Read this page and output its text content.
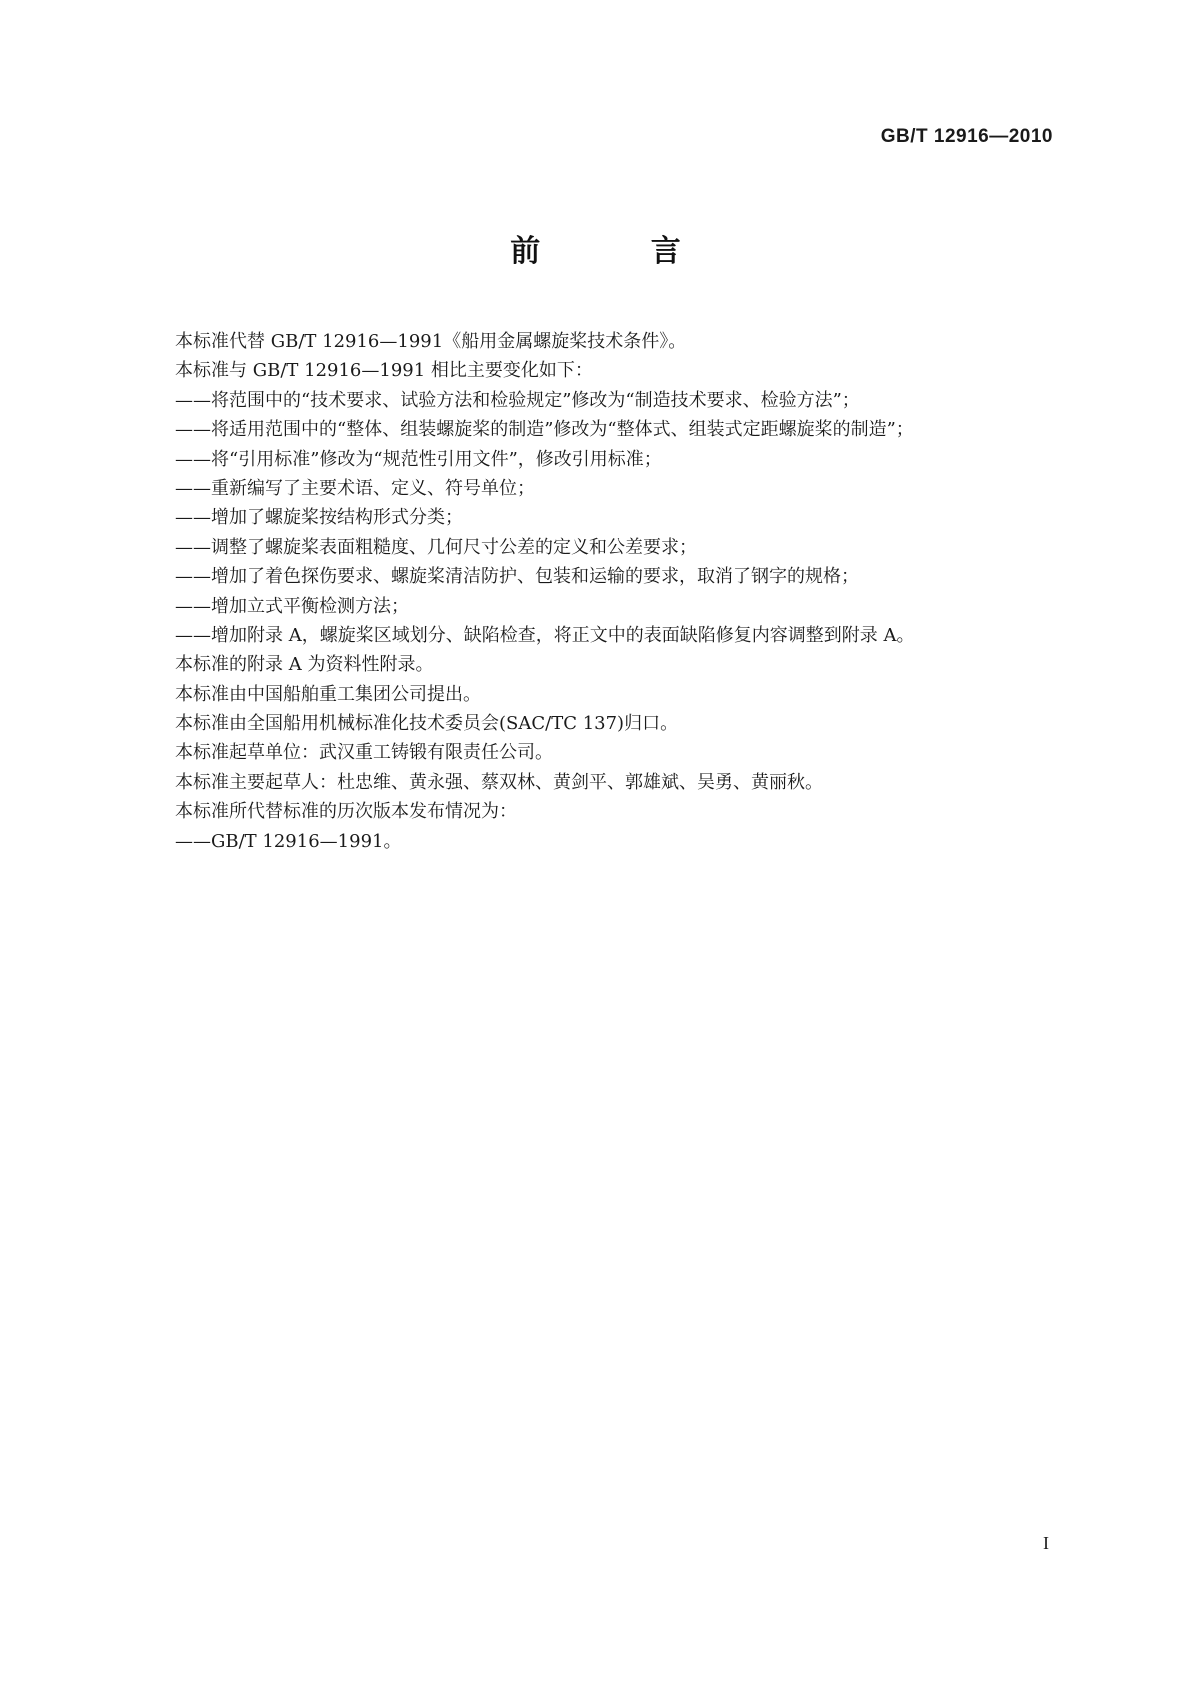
GB/T 12916—2010
前 言
本标准代替 GB/T 12916—1991《船用金属螺旋桨技术条件》。
本标准与 GB/T 12916—1991 相比主要变化如下：
——将范围中的“技术要求、试验方法和检验规定”修改为“制造技术要求、检验方法”；
——将适用范围中的“整体、组装螺旋桨的制造”修改为“整体式、组装式定距螺旋桨的制造”；
——将“引用标准”修改为“规范性引用文件”，修改引用标准；
——重新编写了主要术语、定义、符号单位；
——增加了螺旋桨按结构形式分类；
——调整了螺旋桨表面粗糙度、几何尺寸公差的定义和公差要求；
——增加了着色探伤要求、螺旋桨清洁防护、包装和运输的要求，取消了钢字的规格；
——增加立式平衡检测方法；
——增加附录 A，螺旋桨区域划分、缺陷检查，将正文中的表面缺陷修复内容调整到附录 A。
本标准的附录 A 为资料性附录。
本标准由中国船舶重工集团公司提出。
本标准由全国船用机械标准化技术委员会(SAC/TC 137)归口。
本标准起草单位：武汉重工铸锻有限责任公司。
本标准主要起草人：杜忠维、黄永强、蔡双林、黄剑平、郭雄斌、吴勇、黄丽秋。
本标准所代替标准的历次版本发布情况为：
——GB/T 12916—1991。
I
